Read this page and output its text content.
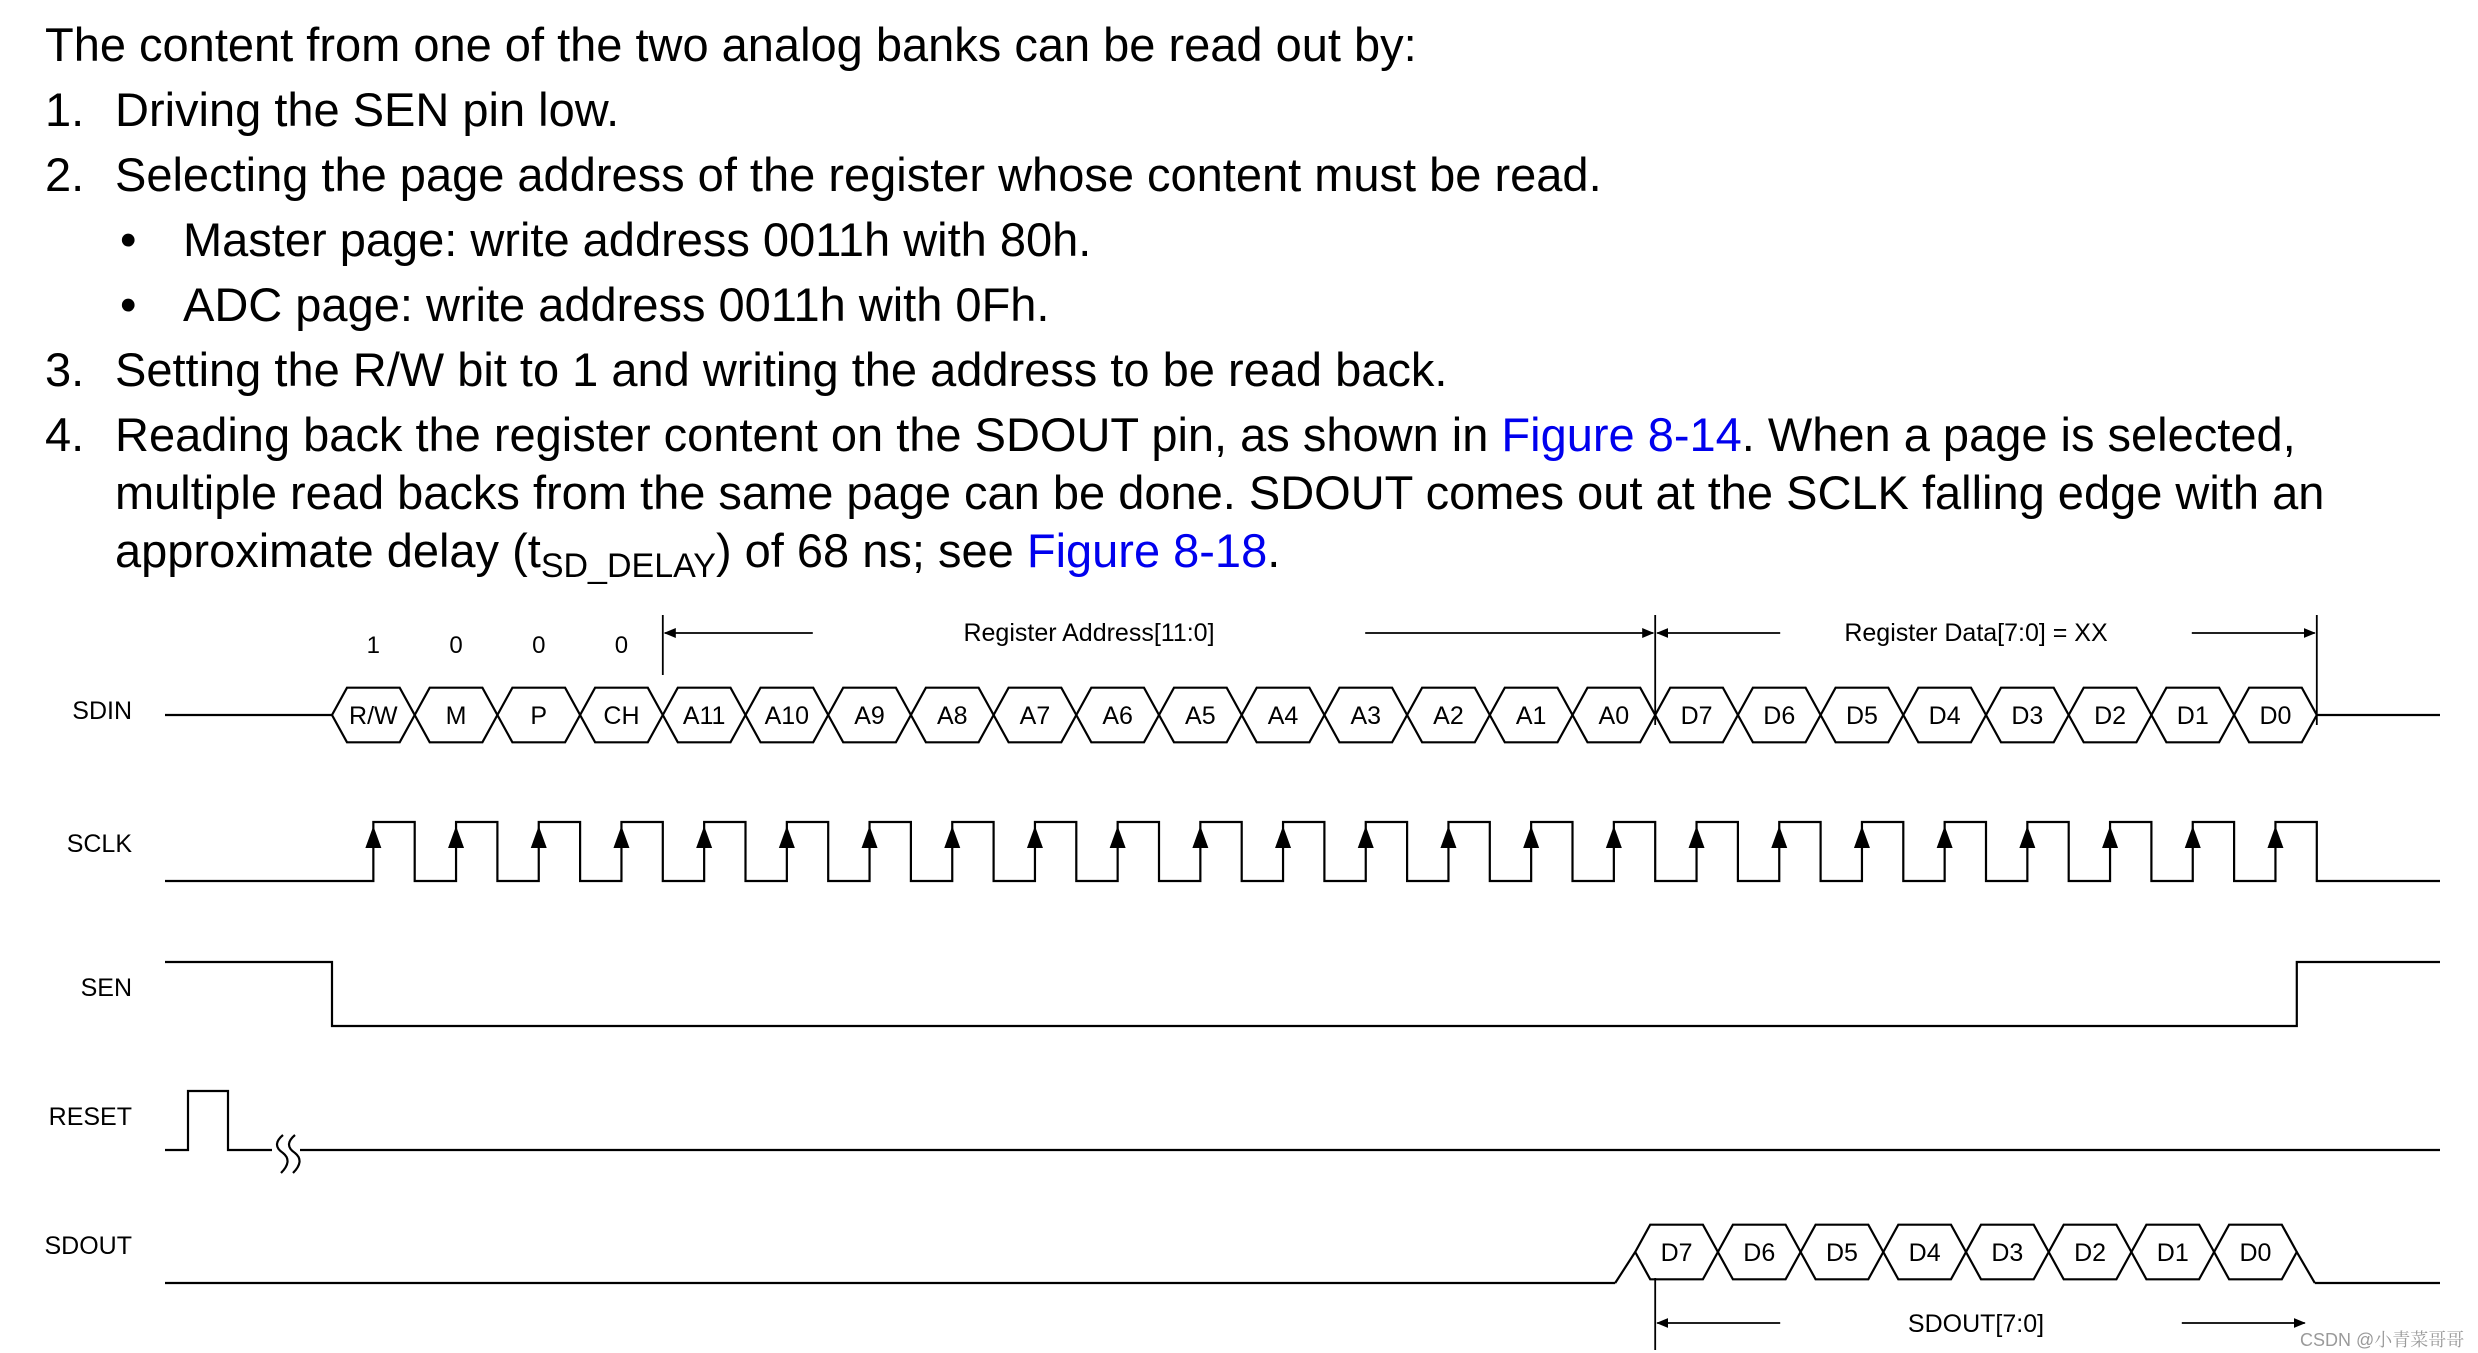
The content from one of the two analog banks can be read out by:
1. Driving the SEN pin low.
2. Selecting the page address of the register whose content must be read.
• Master page: write address 0011h with 80h.
• ADC page: write address 0011h with 0Fh.
3. Setting the R/W bit to 1 and writing the address to be read back.
4. Reading back the register content on the SDOUT pin, as shown in Figure 8-14. When a page is selected,
multiple read backs from the same page can be done. SDOUT comes out at the SCLK falling edge with an
approximate delay $(t_{SD\_DELAY})$ of 68 ns; see Figure 8-18.
SDIN
SCLK
SEN
RESET
SDOUT
R/W M	P CH A11 A10 A9 A8 A7 A6 A5 A4 A3 A2 A1 A0 D7 D6 D5 D4 D3 D2 D1 D0
1	0	0	0
D7 D6 D5 D4 D3 D2 D1 D0
Register Address[11:0]	Register Data[7:0] = XX
SDOUT[7:0]
CSDN @小青菜哥哥
